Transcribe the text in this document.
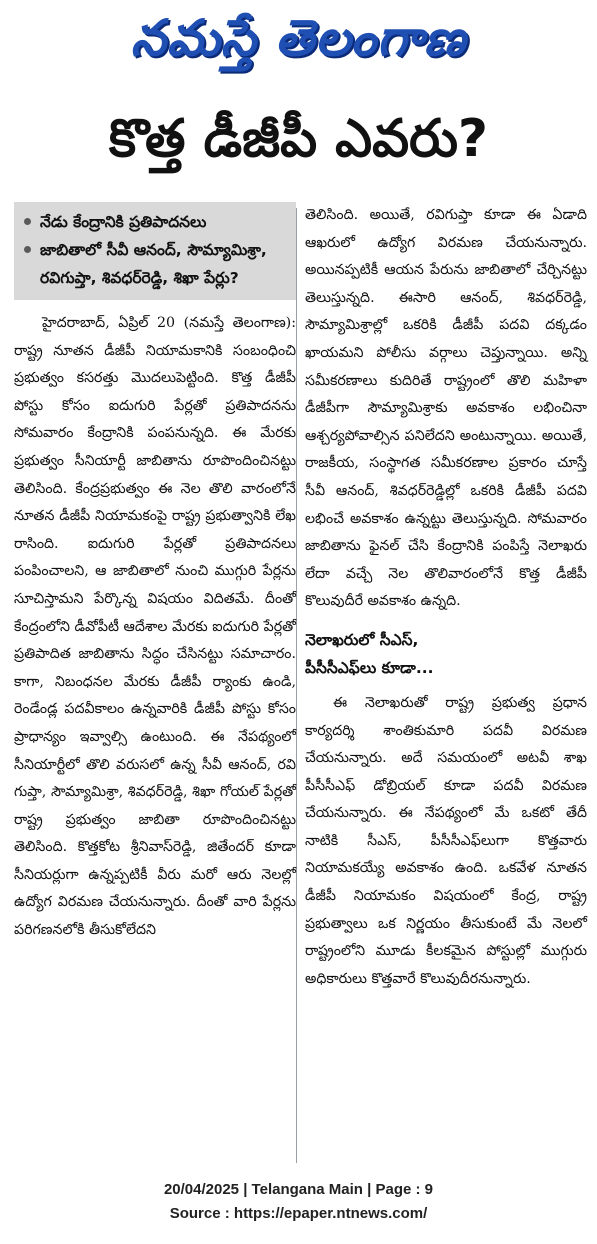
నమస్తే తెలంగాణ
కొత్త డీజీపీ ఎవరు?
నేడు కేంద్రానికి ప్రతిపాదనలు
జాబితాలో సీవీ ఆనంద్, సౌమ్యామిశ్రా, రవిగుప్తా, శివధర్‌రెడ్డి, శిఖా పేర్లు?

హైదరాబాద్, ఏప్రిల్ 20 (నమస్తే తెలంగాణ): రాష్ట్ర నూతన డీజీపీ నియామకానికి సంబంధించి ప్రభుత్వం కసరత్తు మొదలుపెట్టింది. కొత్త డీజీపీ పోస్టు కోసం ఐదుగురి పేర్లతో ప్రతిపాదనను సోమవారం కేంద్రానికి పంపనున్నది. ఈ మేరకు ప్రభుత్వం సీనియార్టీ జాబితాను రూపొందించినట్టు తెలిసింది. కేంద్రప్రభుత్వం ఈ నెల తొలి వారంలోనే నూతన డీజీపీ నియామకంపై రాష్ట్ర ప్రభుత్వానికి లేఖ రాసింది. ఐదుగురి పేర్లతో ప్రతిపాదనలు పంపించాలని, ఆ జాబితాలో నుంచి ముగ్గురి పేర్లను సూచిస్తామని పేర్కొన్న విషయం విదితమే. దీంతో కేంద్రంలోని డీవోపీటీ ఆదేశాల మేరకు ఐదుగురి పేర్లతో ప్రతిపాదిత జాబితాను సిద్ధం చేసినట్టు సమాచారం. కాగా, నిబంధనల మేరకు డీజీపీ ర్యాంకు ఉండి, రెండేండ్ల పదవీకాలం ఉన్నవారికి డీజీపీ పోస్టు కోసం ప్రాధాన్యం ఇవ్వాల్సి ఉంటుంది. ఈ నేపథ్యంలో సీనియార్టీలో తొలి వరుసలో ఉన్న సీవీ ఆనంద్, రవి గుప్తా, సౌమ్యామిశ్రా, శివధర్‌రెడ్డి, శిఖా గోయల్ పేర్లతో రాష్ట్ర ప్రభుత్వం జాబితా రూపొందించినట్టు తెలిసింది. కొత్తకోట శ్రీనివాస్‌రెడ్డి, జితేందర్ కూడా సీనియర్లుగా ఉన్నప్పటికీ వీరు మరో ఆరు నెలల్లో ఉద్యోగ విరమణ చేయనున్నారు. దీంతో వారి పేర్లను పరిగణనలోకి తీసుకోలేదని

తెలిసింది. అయితే, రవిగుప్తా కూడా ఈ ఏడాది ఆఖరులో ఉద్యోగ విరమణ చేయనున్నారు. అయినప్పటికీ ఆయన పేరును జాబితాలో చేర్చినట్టు తెలుస్తున్నది. ఈసారి ఆనంద్, శివధర్‌రెడ్డి, సౌమ్యామిశ్రాల్లో ఒకరికి డీజీపీ పదవి దక్కడం ఖాయమని పోలీసు వర్గాలు చెప్తున్నాయి. అన్ని సమీకరణాలు కుదిరితే రాష్ట్రంలో తొలి మహిళా డీజీపీగా సౌమ్యామిశ్రాకు అవకాశం లభించినా ఆశ్చర్యపోవాల్సిన పనిలేదని అంటున్నాయి. అయితే, రాజకీయ, సంస్థాగత సమీకరణాల ప్రకారం చూస్తే సీవీ ఆనంద్, శివధర్‌రెడ్డిల్లో ఒకరికి డీజీపీ పదవి లభించే అవకాశం ఉన్నట్టు తెలుస్తున్నది. సోమవారం జాబితాను ఫైనల్ చేసి కేంద్రానికి పంపిస్తే నెలాఖరు లేదా వచ్చే నెల తొలివారంలోనే కొత్త డీజీపీ కొలువుదీరే అవకాశం ఉన్నది.

నెలాఖరులో సీఎస్,
పీసీసీఎఫ్‌లు కూడా...

ఈ నెలాఖరుతో రాష్ట్ర ప్రభుత్వ ప్రధాన కార్యదర్శి శాంతికుమారి పదవీ విరమణ చేయనున్నారు. అదే సమయంలో అటవీ శాఖ పీసీసీఎఫ్ డోబ్రియల్ కూడా పదవీ విరమణ చేయనున్నారు. ఈ నేపథ్యంలో మే ఒకటో తేదీ నాటికి సీఎస్, పీసీసీఎఫ్‌లుగా కొత్తవారు నియామకయ్యే అవకాశం ఉంది. ఒకవేళ నూతన డీజీపీ నియామకం విషయంలో కేంద్ర, రాష్ట్ర ప్రభుత్వాలు ఒక నిర్ణయం తీసుకుంటే మే నెలలో రాష్ట్రంలోని మూడు కీలకమైన పోస్టుల్లో ముగ్గురు అధికారులు కొత్తవారే కొలువుదీరనున్నారు.

20/04/2025 | Telangana Main | Page : 9
Source : https://epaper.ntnews.com/
